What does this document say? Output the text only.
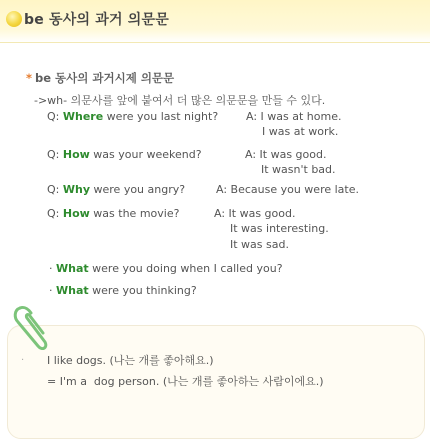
be 동사의 과거 의문문
* be 동사의 과거시제 의문문
->wh- 의문사를 앞에 붙여서 더 많은 의문문을 만들 수 있다.
Q: Where were you last night?	A: I was at home.
I was at work.
Q: How was your weekend?	A: It was good.
It wasn't bad.
Q: Why were you angry?	A: Because you were late.
Q: How was the movie?	A: It was good.
It was interesting.
It was sad.
· What were you doing when I called you?
· What were you thinking?
· I like dogs. (나는 개를 좋아해요.)
= I'm a  dog person. (나는 개를 좋아하는 사람이에요.)
